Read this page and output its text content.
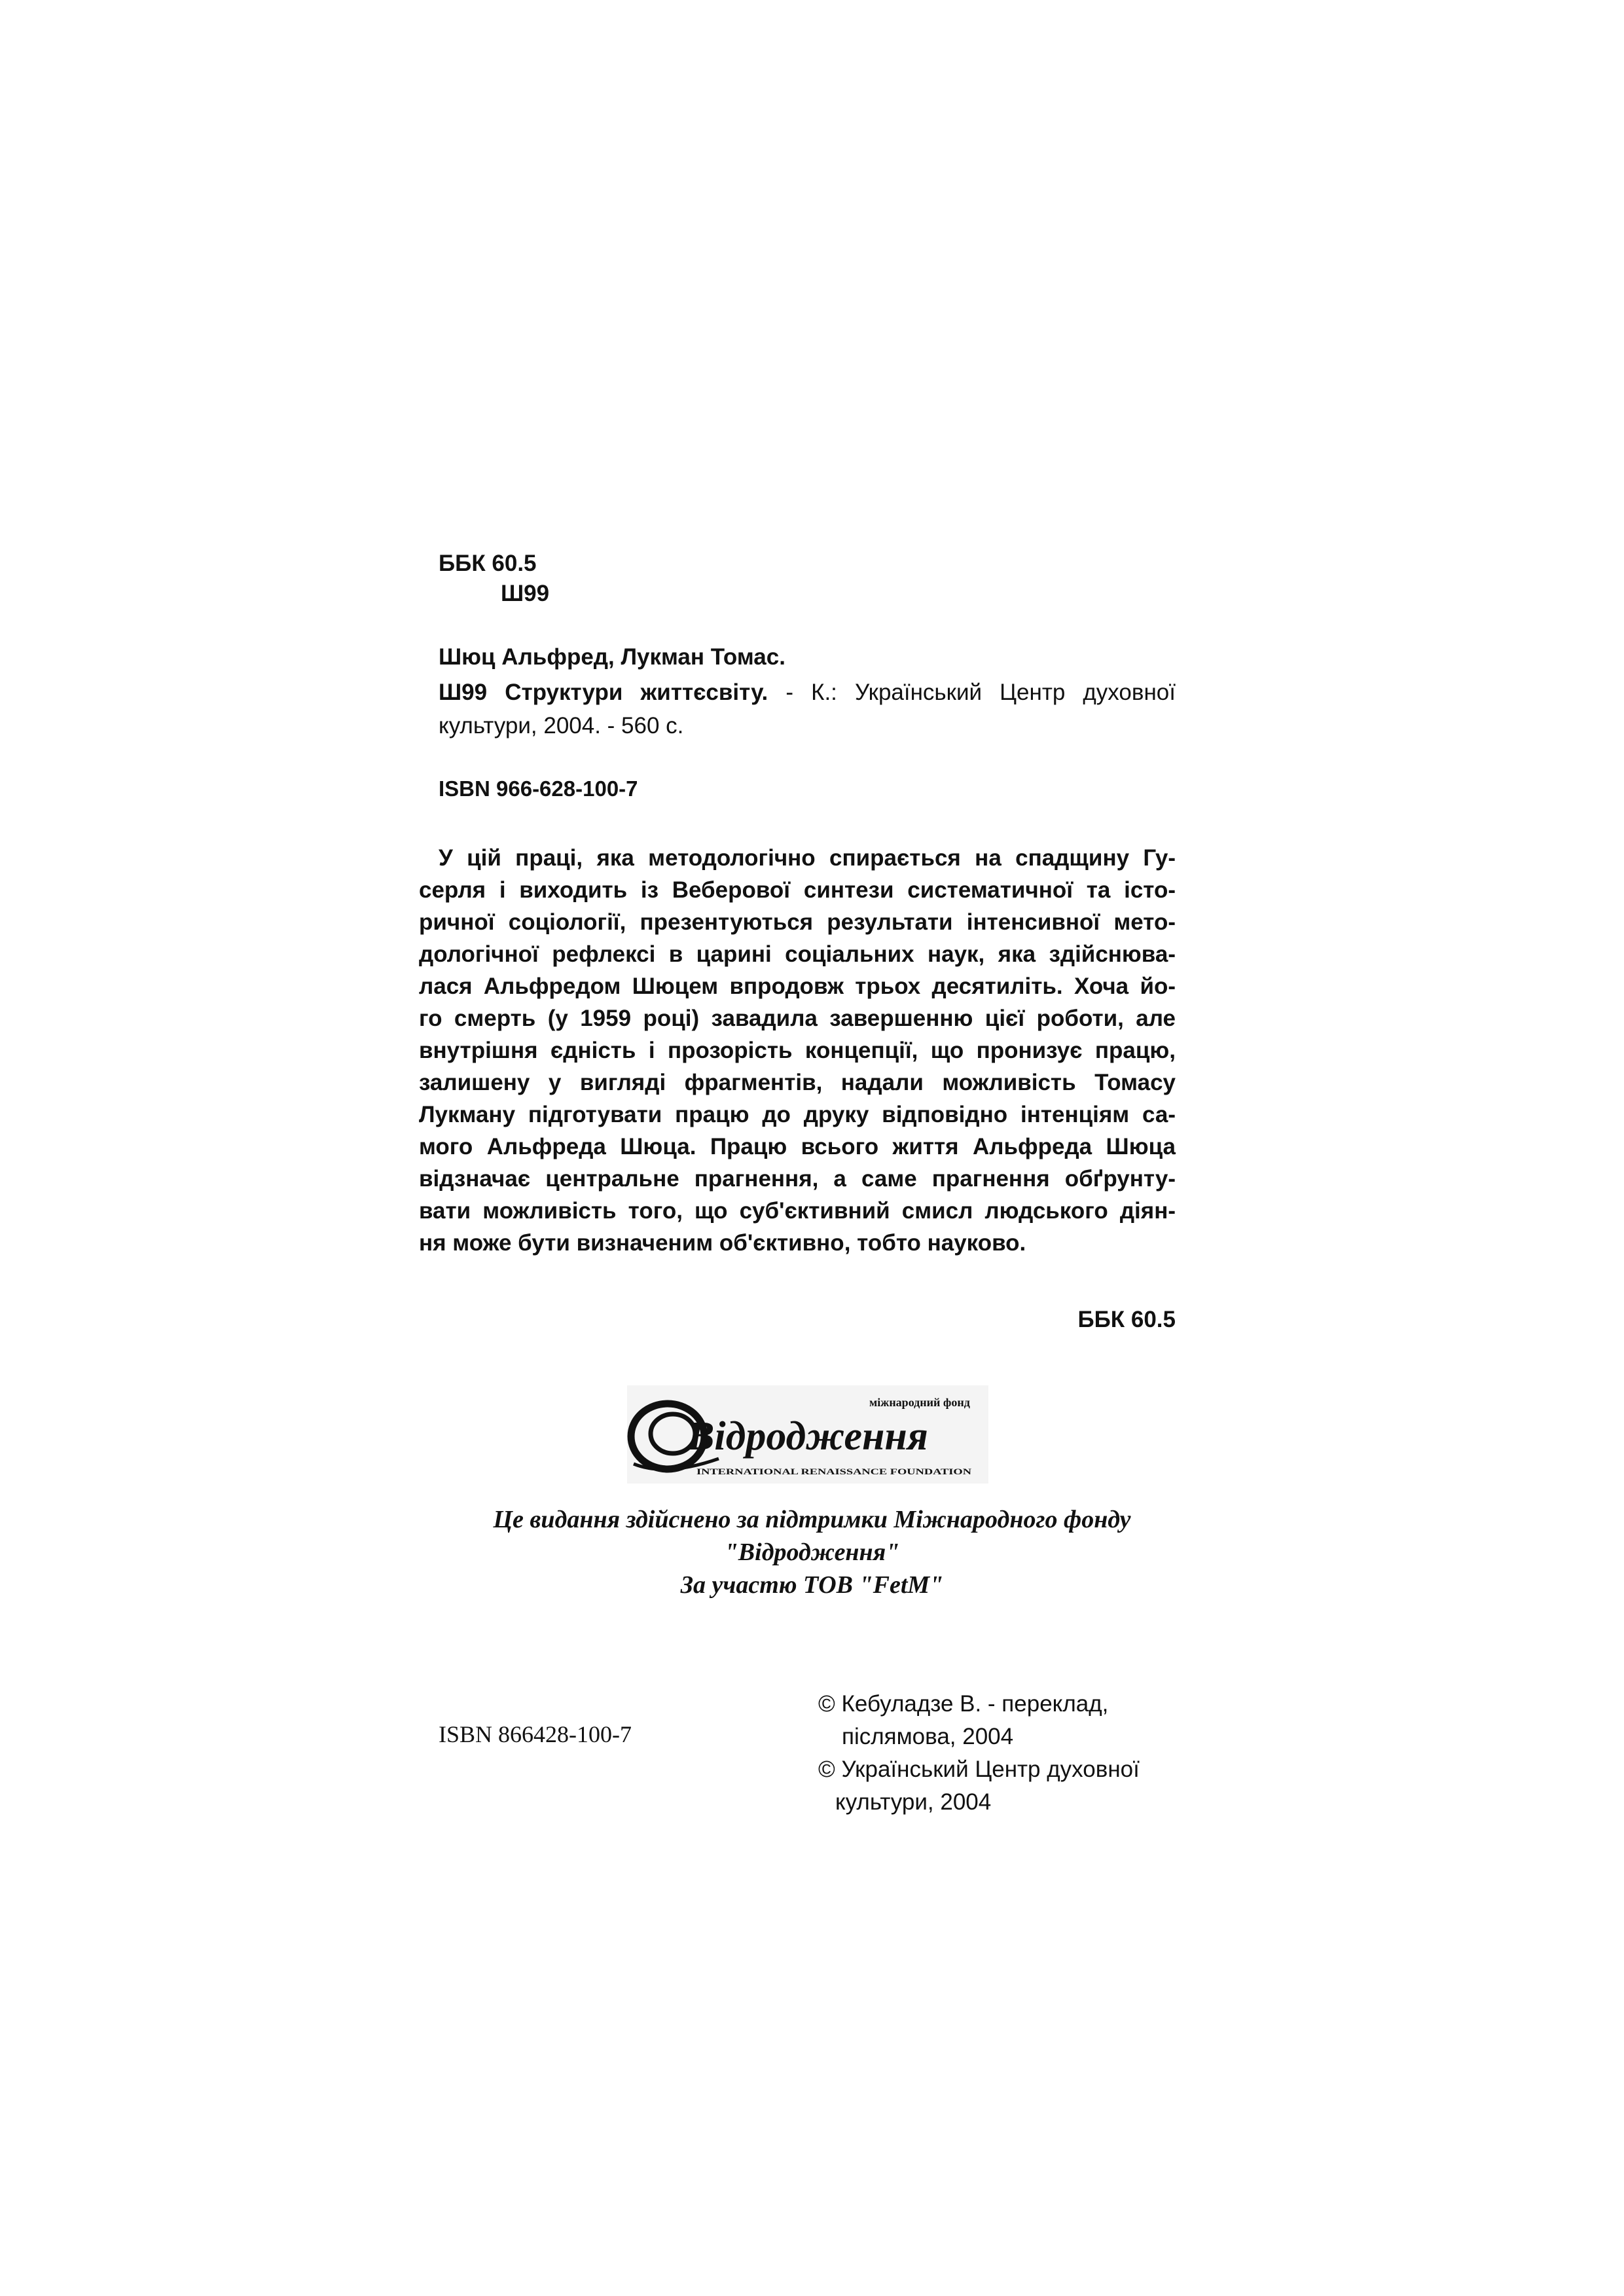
ББК 60.5
Ш99
Шюц Альфред, Лукман Томас.
Ш99 Структури життєсвіту. - К.: Український Центр духовної культури, 2004. - 560 с.
ISBN 966-628-100-7
У цій праці, яка методологічно спирається на спадщину Гу-
серля і виходить із Веберової синтези систематичної та істо-
ричної соціології, презентуються результати інтенсивної мето-
дологічної рефлексі в царині соціальних наук, яка здійснюва-
лася Альфредом Шюцем впродовж трьох десятиліть. Хоча йо-
го смерть (у 1959 році) завадила завершенню цієї роботи, але
внутрішня єдність і прозорість концепції, що пронизує працю,
залишену у вигляді фрагментів, надали можливість Томасу
Лукману підготувати працю до друку відповідно інтенціям са-
мого Альфреда Шюца. Працю всього життя Альфреда Шюца
відзначає центральне прагнення, а саме прагнення обґрунту-
вати можливість того, що суб'єктивний смисл людського діян-
ня може бути визначеним об'єктивно, тобто науково.
ББК 60.5
міжнародний фонд
Відродження
INTERNATIONAL RENAISSANCE FOUNDATION
Це видання здійснено за підтримки Міжнародного фонду
"Відродження"
За участю ТОВ "FetM"
ISBN 866428-100-7
© Кебуладзе В. - переклад,
післямова, 2004
© Український Центр духовної
культури, 2004
